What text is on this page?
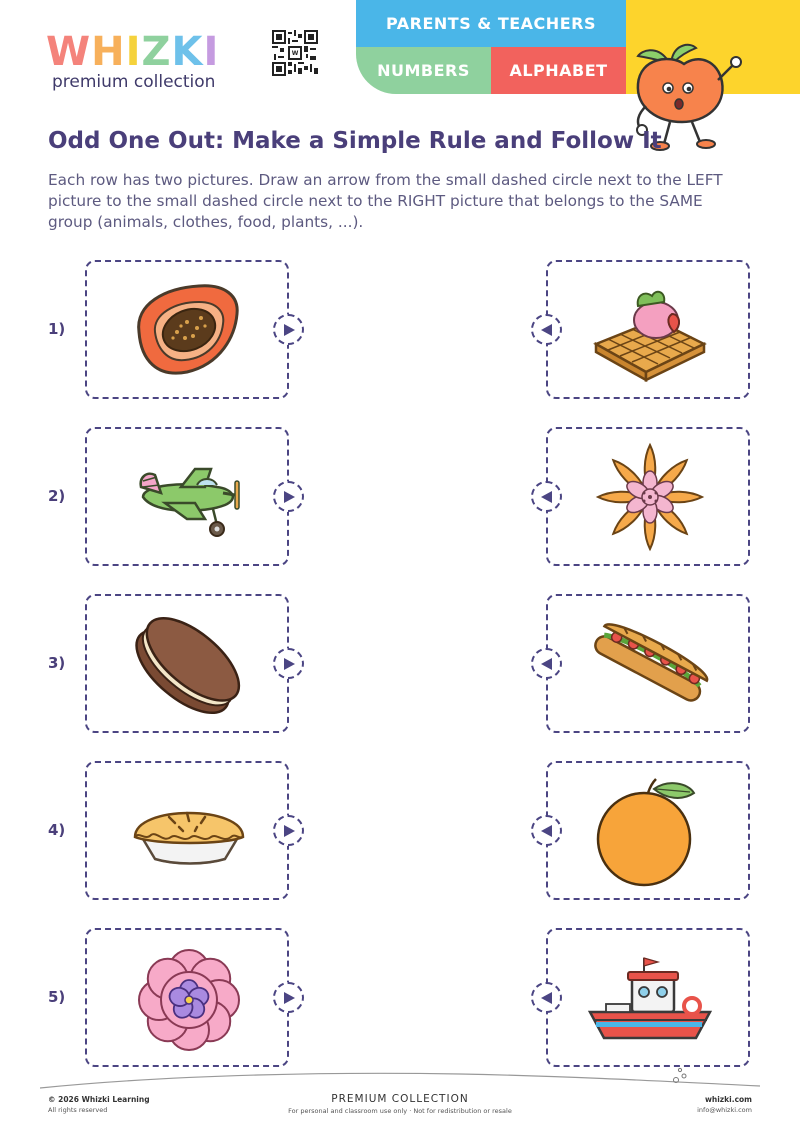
WHIZKI
premium collection
W
PARENTS & TEACHERS
NUMBERS	ALPHABET
Odd One Out: Make a Simple Rule and Follow It
Each row has two pictures. Draw an arrow from the small dashed circle next to the LEFT picture to the small dashed circle next to the RIGHT picture that belongs to the SAME group (animals, clothes, food, plants, ...).
1)
2)
3)
4)
5)
© 2026 Whizki Learning
All rights reserved
PREMIUM COLLECTION
For personal and classroom use only · Not for redistribution or resale
whizki.com
info@whizki.com
